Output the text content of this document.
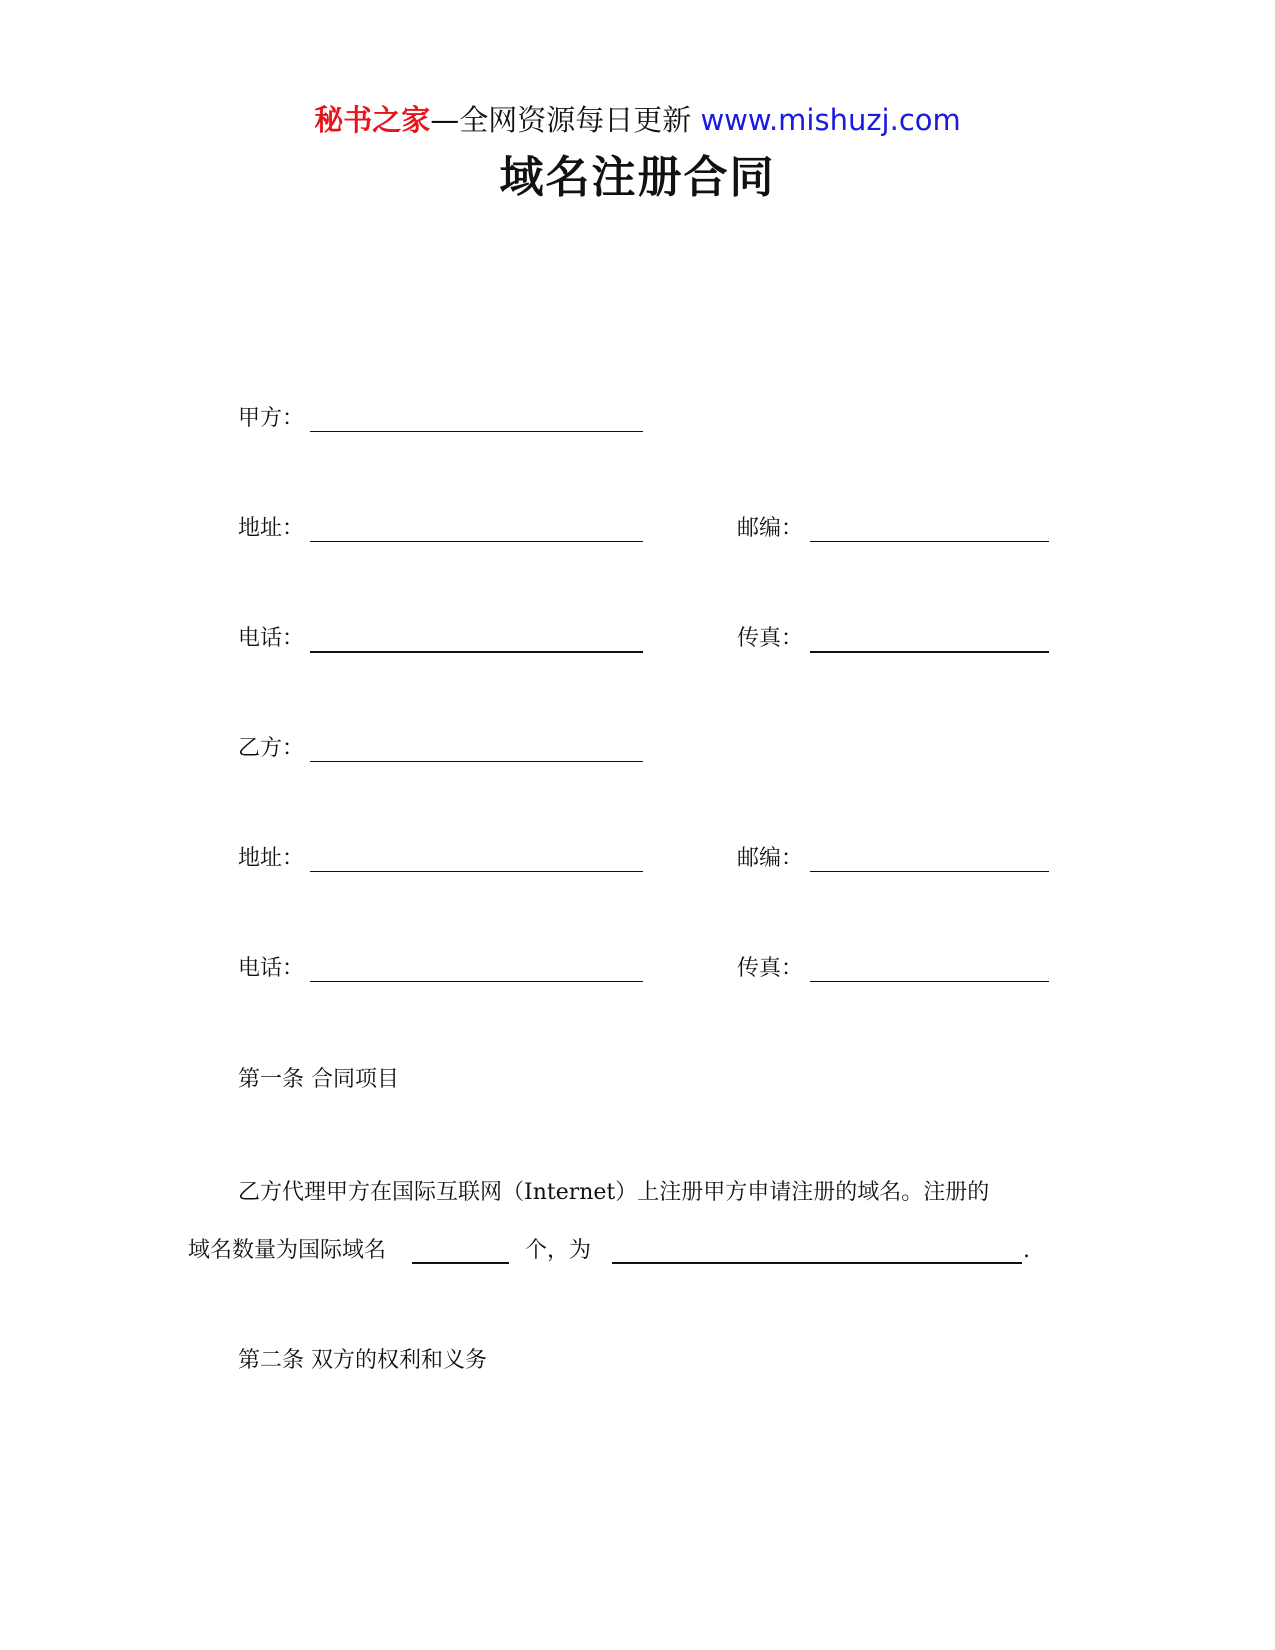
秘书之家—全网资源每日更新 www.mishuzj.com
域名注册合同
甲方：
地址：	邮编：
电话：	传真：
乙方：
地址：	邮编：
电话：	传真：
第一条 合同项目
乙方代理甲方在国际互联网（Internet）上注册甲方申请注册的域名。注册的
域名数量为国际域名	个，为	.
第二条 双方的权利和义务
